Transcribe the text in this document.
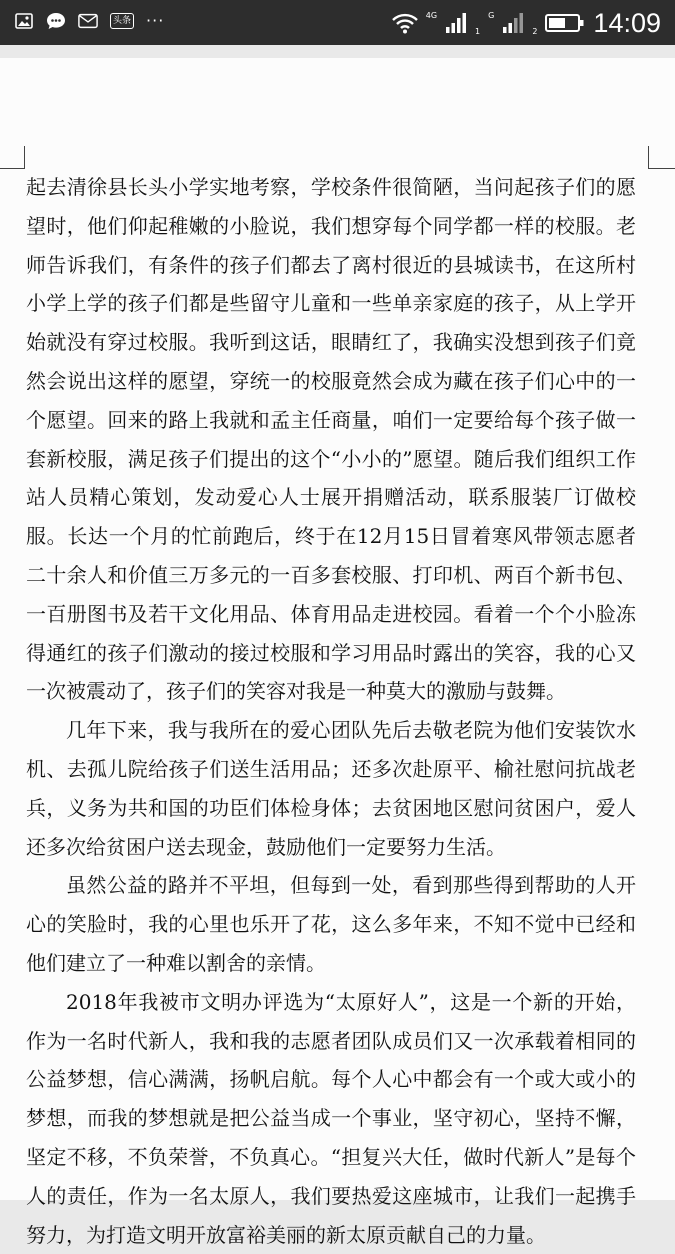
头条 ···	4G
1
G
2 14:09

起去清徐县长头小学实地考察，学校条件很简陋，当问起孩子们的愿望时，他们仰起稚嫩的小脸说，我们想穿每个同学都一样的校服。老师告诉我们，有条件的孩子们都去了离村很近的县城读书，在这所村小学上学的孩子们都是些留守儿童和一些单亲家庭的孩子，从上学开始就没有穿过校服。我听到这话，眼睛红了，我确实没想到孩子们竟然会说出这样的愿望，穿统一的校服竟然会成为藏在孩子们心中的一个愿望。回来的路上我就和孟主任商量，咱们一定要给每个孩子做一套新校服，满足孩子们提出的这个“小小的”愿望。随后我们组织工作站人员精心策划，发动爱心人士展开捐赠活动，联系服装厂订做校服。长达一个月的忙前跑后，终于在12月15日冒着寒风带领志愿者二十余人和价值三万多元的一百多套校服、打印机、两百个新书包、一百册图书及若干文化用品、体育用品走进校园。看着一个个小脸冻得通红的孩子们激动的接过校服和学习用品时露出的笑容，我的心又一次被震动了，孩子们的笑容对我是一种莫大的激励与鼓舞。

几年下来，我与我所在的爱心团队先后去敬老院为他们安装饮水机、去孤儿院给孩子们送生活用品；还多次赴原平、榆社慰问抗战老兵，义务为共和国的功臣们体检身体；去贫困地区慰问贫困户，爱人还多次给贫困户送去现金，鼓励他们一定要努力生活。

虽然公益的路并不平坦，但每到一处，看到那些得到帮助的人开心的笑脸时，我的心里也乐开了花，这么多年来，不知不觉中已经和他们建立了一种难以割舍的亲情。

2018年我被市文明办评选为“太原好人”，这是一个新的开始，作为一名时代新人，我和我的志愿者团队成员们又一次承载着相同的公益梦想，信心满满，扬帆启航。每个人心中都会有一个或大或小的梦想，而我的梦想就是把公益当成一个事业，坚守初心，坚持不懈，坚定不移，不负荣誉，不负真心。“担复兴大任，做时代新人”是每个人的责任，作为一名太原人，我们要热爱这座城市，让我们一起携手努力，为打造文明开放富裕美丽的新太原贡献自己的力量。
